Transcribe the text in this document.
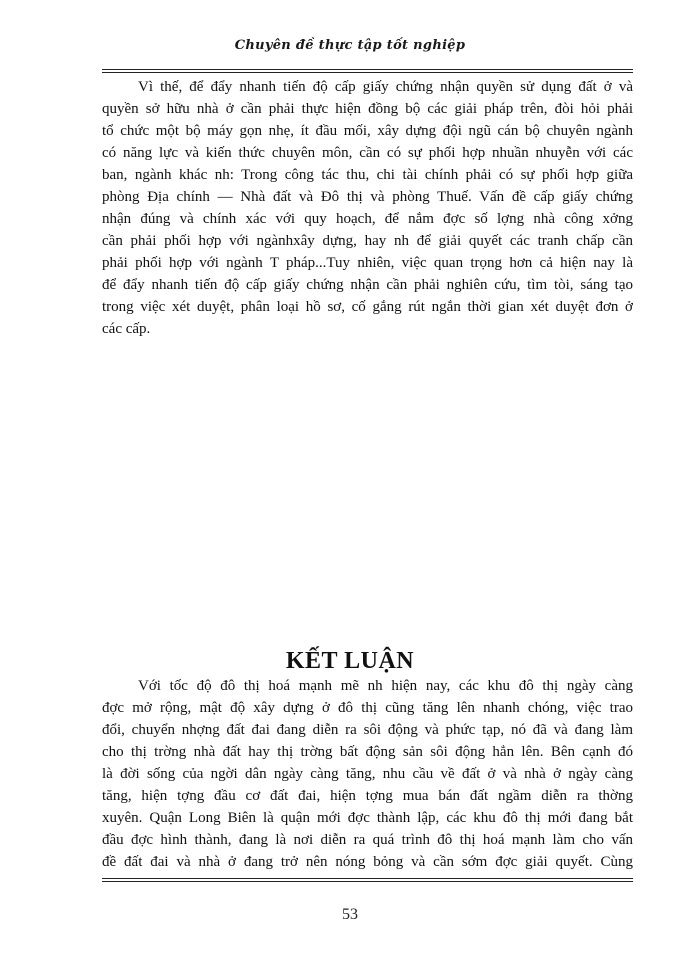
Chuyên đề thực tập tốt nghiệp
Vì thế, để đẩy nhanh tiến độ cấp giấy chứng nhận quyền sử dụng đất ở và
quyền sở hữu nhà ở cần phải thực hiện đồng bộ các giải pháp trên, đòi hỏi phải
tổ chức một bộ máy gọn nhẹ, ít đầu mối, xây dựng đội ngũ cán bộ chuyên ngành
có năng lực và kiến thức chuyên môn, cần có sự phối hợp nhuần nhuyễn với các
ban, ngành khác nh: Trong công tác thu, chi tài chính phải có sự phối hợp giữa
phòng Địa chính — Nhà đất và Đô thị và phòng Thuế. Vấn đề cấp giấy chứng
nhận đúng và chính xác với quy hoạch, để nắm đợc số lợng nhà công xởng
cần phải phối hợp với ngànhxây dựng, hay nh để giải quyết các tranh chấp cần
phải phối hợp với ngành T pháp...Tuy nhiên, việc quan trọng hơn cả hiện nay là
để đẩy nhanh tiến độ cấp giấy chứng nhận cần phải nghiên cứu, tìm tòi, sáng tạo
trong việc xét duyệt, phân loại hồ sơ, cố gắng rút ngắn thời gian xét duyệt đơn ở
các cấp.
KẾT LUẬN
Với tốc độ đô thị hoá mạnh mẽ nh hiện nay, các khu đô thị ngày càng
đợc mở rộng, mật độ xây dựng ở đô thị cũng tăng lên nhanh chóng, việc trao
đổi, chuyển nhợng đất đai đang diễn ra sôi động và phức tạp, nó đã và đang làm
cho thị trờng nhà đất hay thị trờng bất động sản sôi động hẳn lên. Bên cạnh đó
là đời sống của ngời dân ngày càng tăng, nhu cầu về đất ở và nhà ở ngày càng
tăng, hiện tợng đầu cơ đất đai, hiện tợng mua bán đất ngầm diễn ra thờng
xuyên. Quận Long Biên là quận mới đợc thành lập, các khu đô thị mới đang bắt
đầu đợc hình thành, đang là nơi diễn ra quá trình đô thị hoá mạnh làm cho vấn
đề đất đai và nhà ở đang trở nên nóng bỏng và cần sớm đợc giải quyết. Cùng
53
